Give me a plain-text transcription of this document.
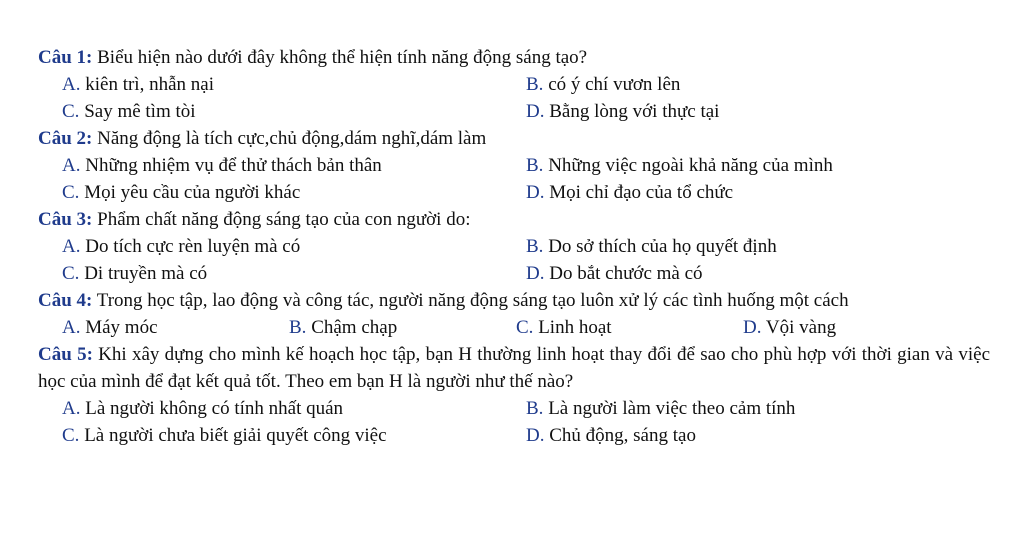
Câu 1: Biểu hiện nào dưới đây không thể hiện tính năng động sáng tạo?
A. kiên trì, nhẫn nại	B. có ý chí vươn lên
C. Say mê tìm tòi	D. Bằng lòng với thực tại
Câu 2: Năng động là tích cực,chủ động,dám nghĩ,dám làm
A. Những nhiệm vụ để thử thách bản thân	B. Những việc ngoài khả năng của mình
C. Mọi yêu cầu của người khác	D. Mọi chỉ đạo của tổ chức
Câu 3: Phẩm chất năng động sáng tạo của con người do:
A. Do tích cực rèn luyện mà có	B. Do sở thích của họ quyết định
C. Di truyền mà có	D. Do bắt chước mà có
Câu 4: Trong học tập, lao động và công tác, người năng động sáng tạo luôn xử lý các tình huống một cách
A. Máy móc	B. Chậm chạp	C. Linh hoạt	D. Vội vàng
Câu 5: Khi xây dựng cho mình kế hoạch học tập, bạn H thường linh hoạt thay đổi để sao cho phù hợp với thời gian và việc học của mình để đạt kết quả tốt. Theo em bạn H là người như thế nào?
A. Là người không có tính nhất quán	B. Là người làm việc theo cảm tính
C. Là người chưa biết giải quyết công việc	D. Chủ động, sáng tạo
